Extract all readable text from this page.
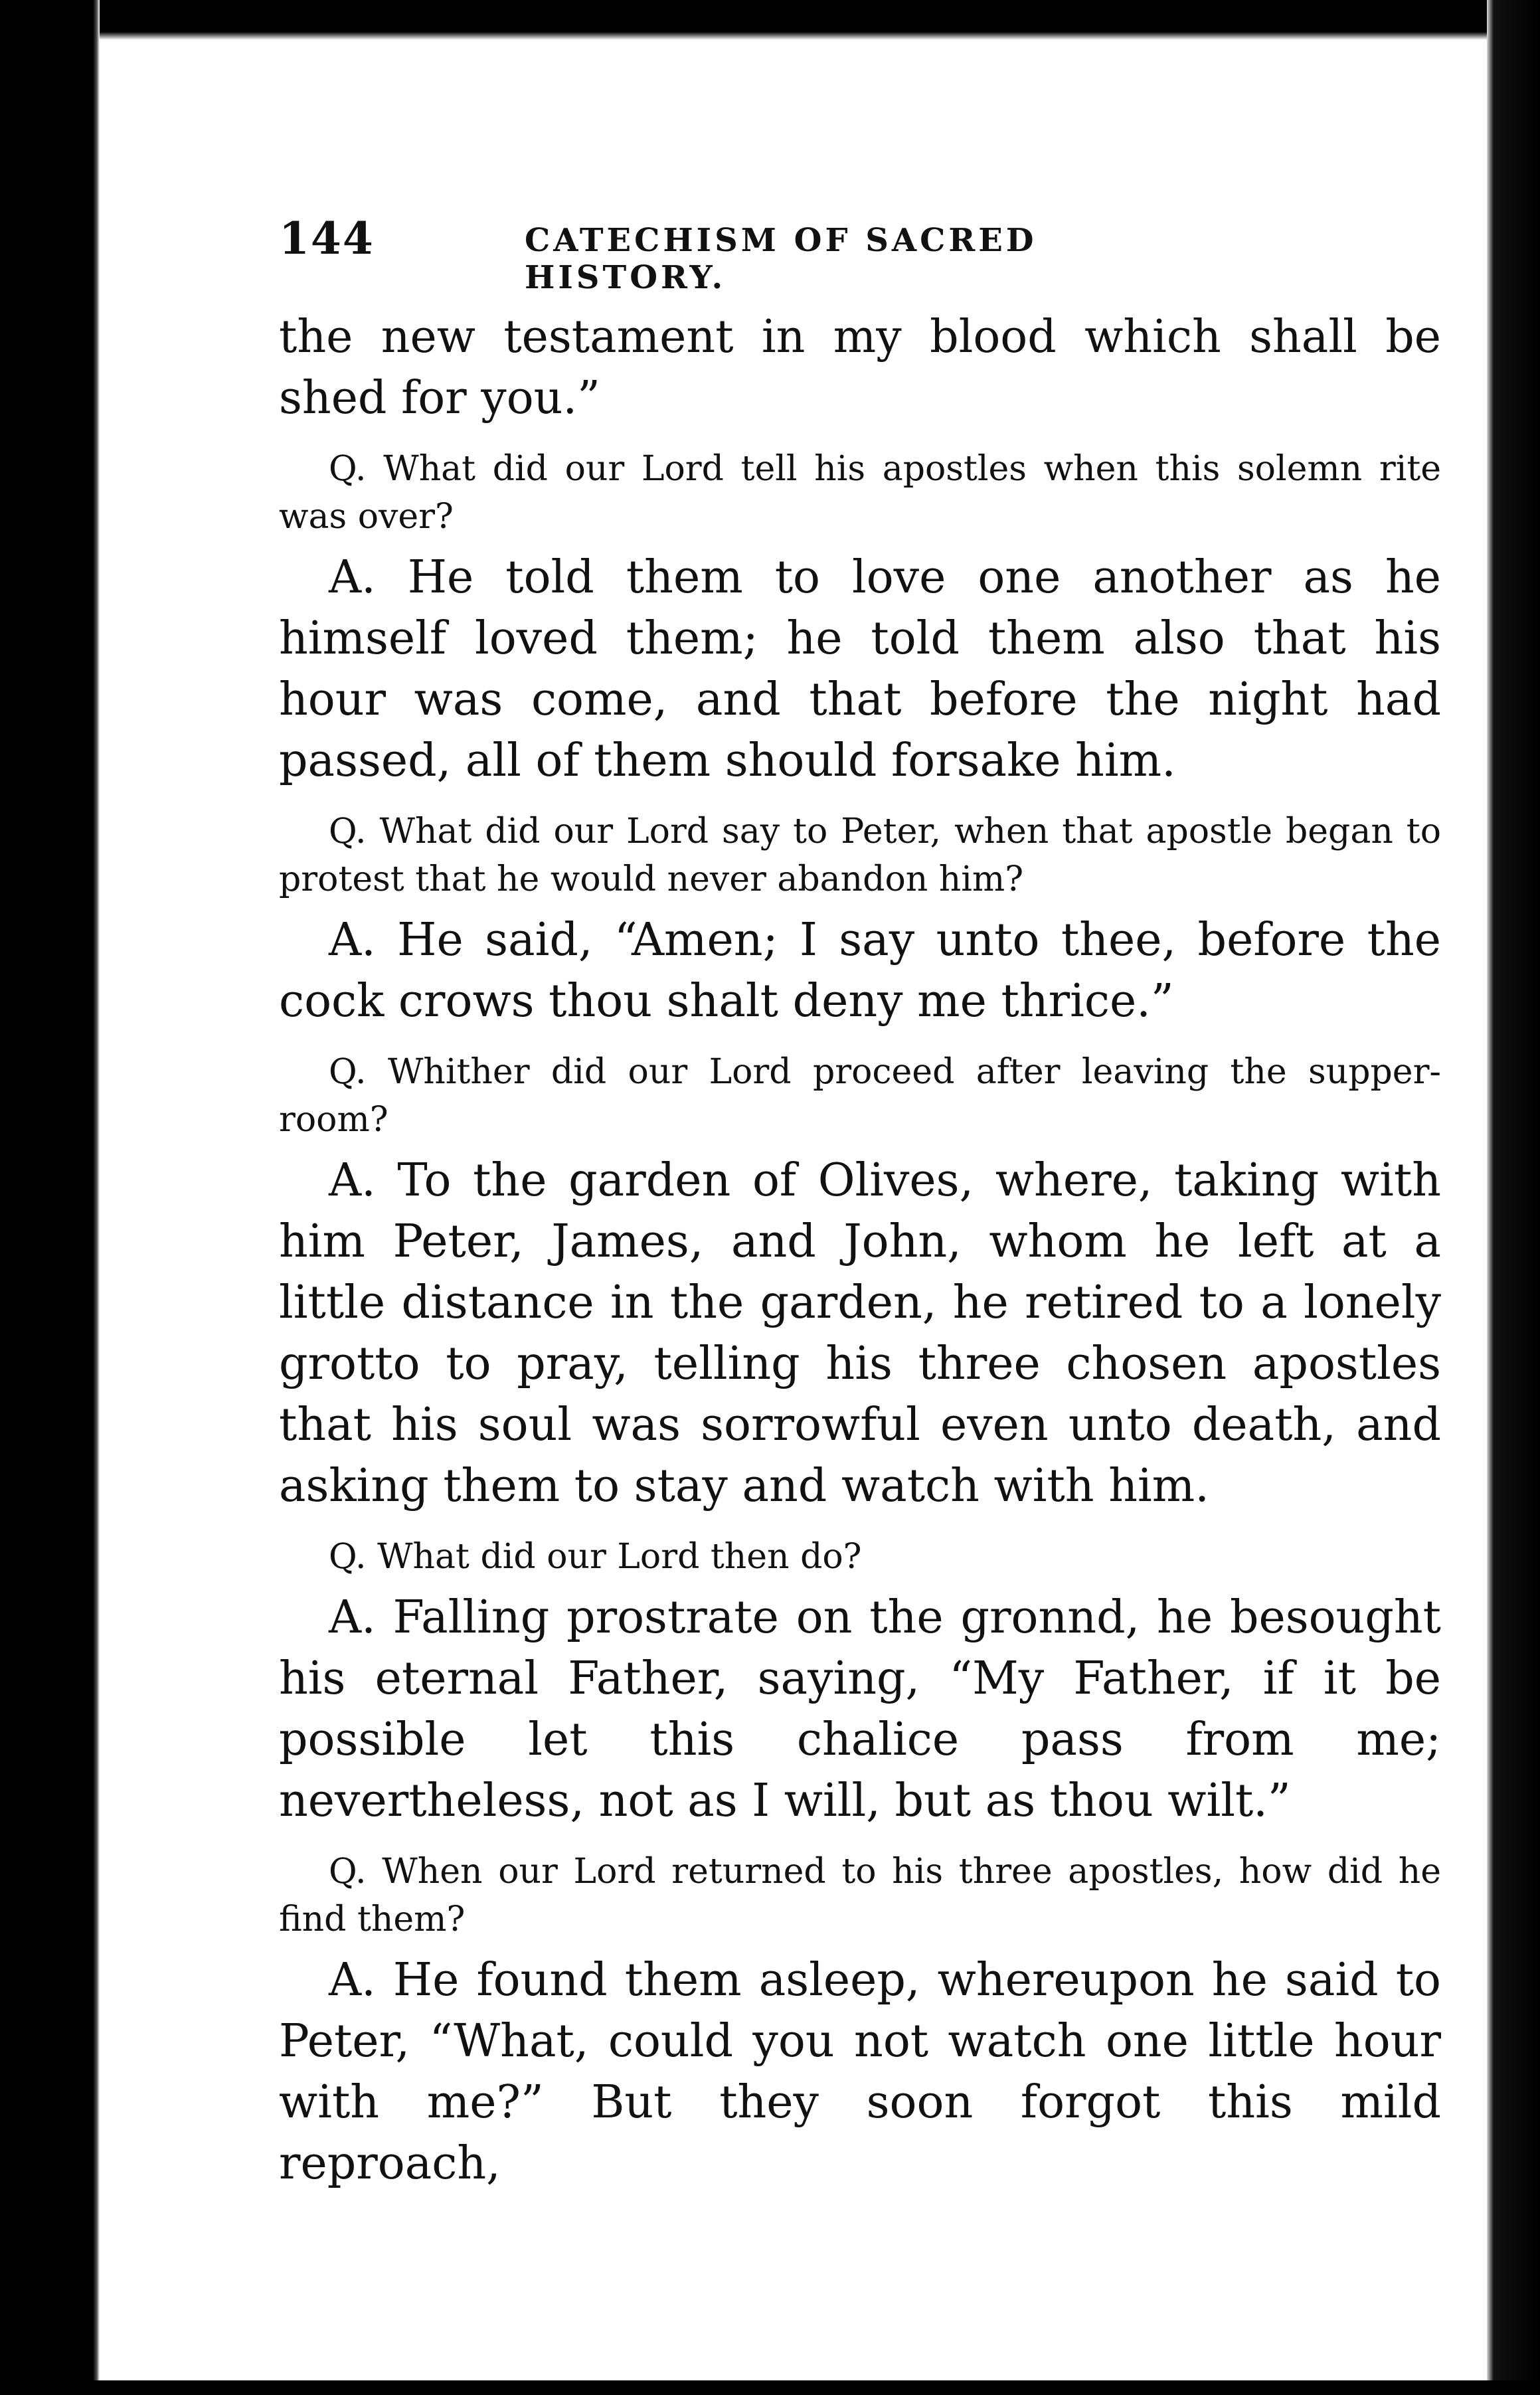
144	CATECHISM OF SACRED HISTORY.

the new testament in my blood which shall be shed for you.”

Q. What did our Lord tell his apostles when this solemn rite was over?

A. He told them to love one another as he himself loved them; he told them also that his hour was come, and that before the night had passed, all of them should forsake him.

Q. What did our Lord say to Peter, when that apostle began to protest that he would never abandon him?

A. He said, “Amen; I say unto thee, before the cock crows thou shalt deny me thrice.”

Q. Whither did our Lord proceed after leaving the supper-room?

A. To the garden of Olives, where, taking with him Peter, James, and John, whom he left at a little distance in the garden, he retired to a lonely grotto to pray, telling his three chosen apostles that his soul was sorrowful even unto death, and asking them to stay and watch with him.

Q. What did our Lord then do?

A. Falling prostrate on the gronnd, he besought his eternal Father, saying, “My Father, if it be possible let this chalice pass from me; nevertheless, not as I will, but as thou wilt.”

Q. When our Lord returned to his three apostles, how did he find them?

A. He found them asleep, whereupon he said to Peter, “What, could you not watch one little hour with me?” But they soon forgot this mild reproach,
